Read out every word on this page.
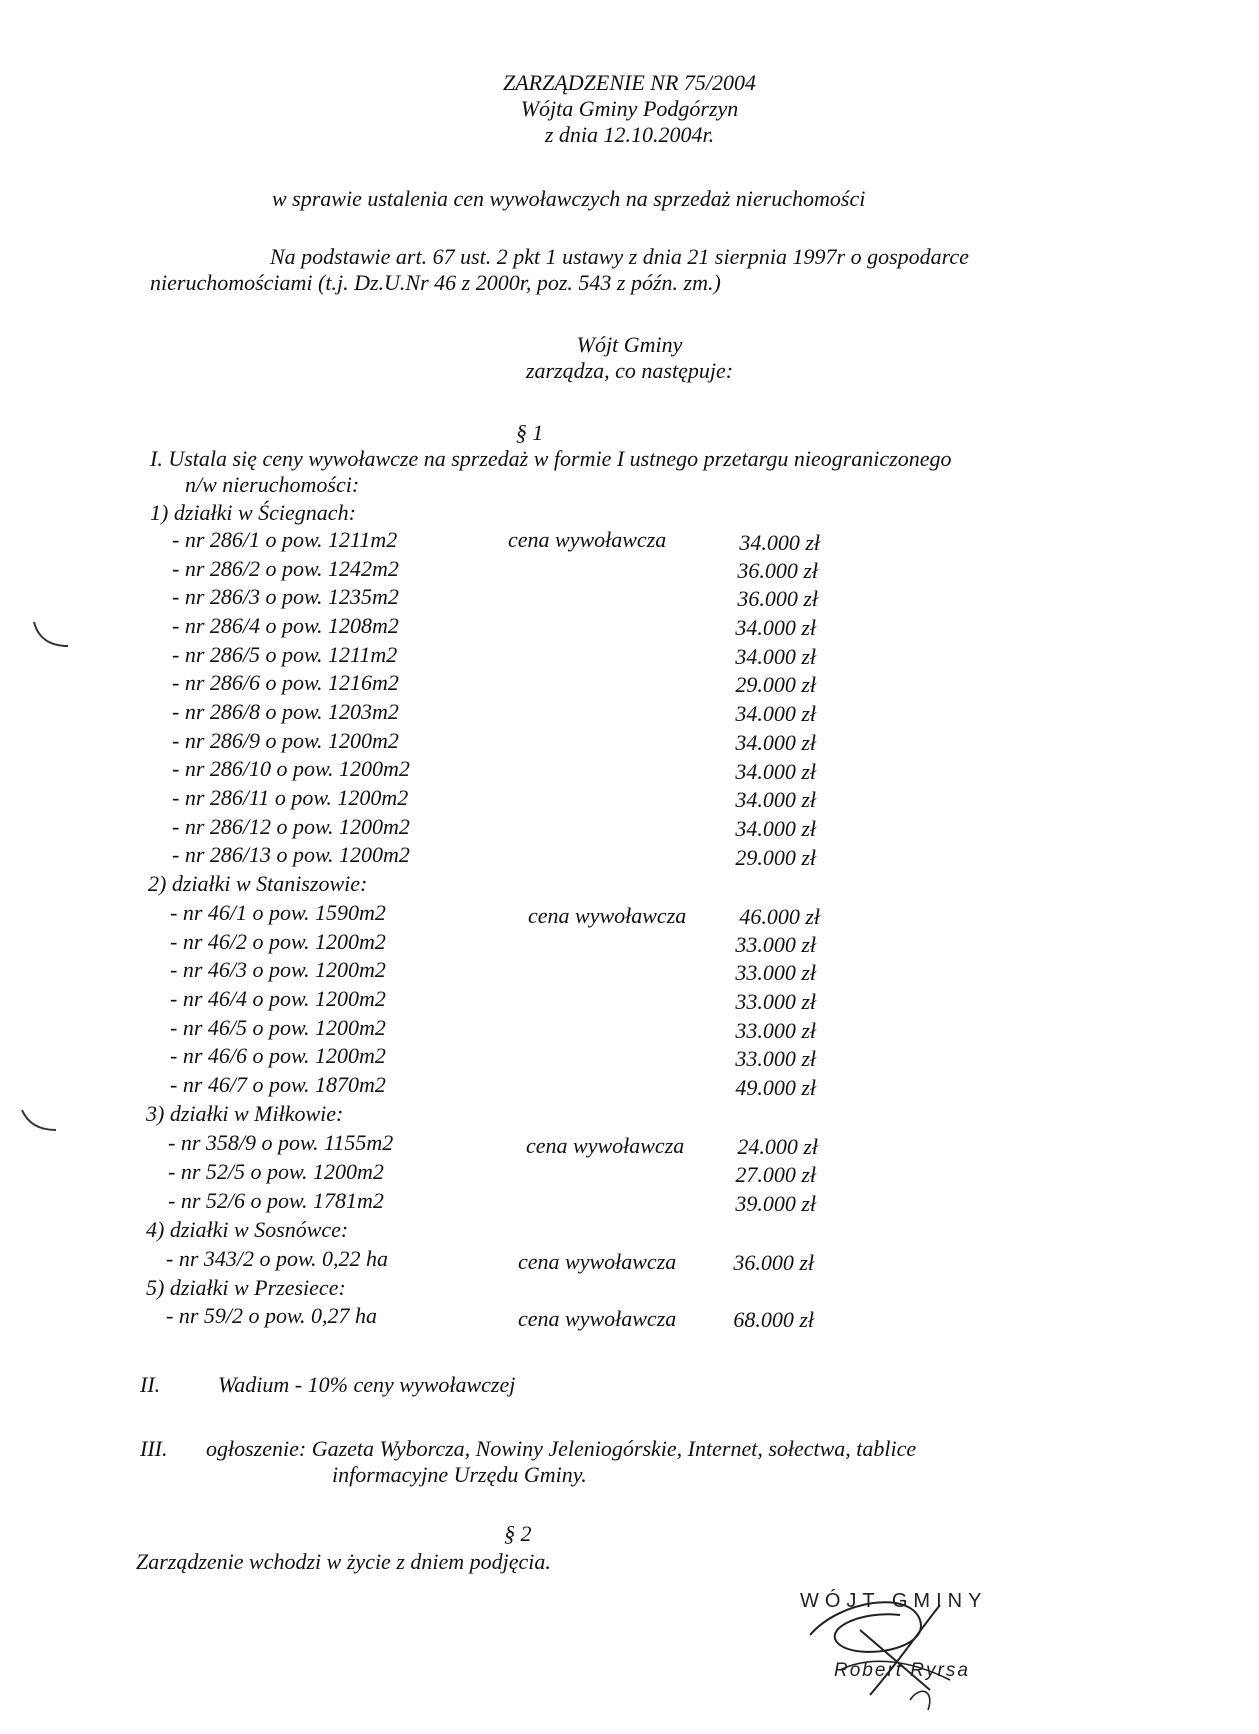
ZARZĄDZENIE NR 75/2004
Wójta Gminy Podgórzyn
z dnia 12.10.2004r.
w sprawie ustalenia cen wywoławczych na sprzedaż nieruchomości
Na podstawie art. 67 ust. 2 pkt 1 ustawy z dnia 21 sierpnia 1997r o gospodarce
nieruchomościami (t.j. Dz.U.Nr 46 z 2000r, poz. 543 z późn. zm.)
Wójt Gminy
zarządza, co następuje:
§ 1
I. Ustala się ceny wywoławcze na sprzedaż w formie I ustnego przetargu nieograniczonego
n/w nieruchomości:
1) działki w Ściegnach:
- nr 286/1 o pow. 1211m2	cena wywoławcza	34.000 zł
- nr 286/2 o pow. 1242m2	36.000 zł
- nr 286/3 o pow. 1235m2	36.000 zł
- nr 286/4 o pow. 1208m2	34.000 zł
- nr 286/5 o pow. 1211m2	34.000 zł
- nr 286/6 o pow. 1216m2	29.000 zł
- nr 286/8 o pow. 1203m2	34.000 zł
- nr 286/9 o pow. 1200m2	34.000 zł
- nr 286/10 o pow. 1200m2	34.000 zł
- nr 286/11 o pow. 1200m2	34.000 zł
- nr 286/12 o pow. 1200m2	34.000 zł
- nr 286/13 o pow. 1200m2	29.000 zł
2) działki w Staniszowie:
- nr 46/1 o pow. 1590m2	cena wywoławcza	46.000 zł
- nr 46/2 o pow. 1200m2	33.000 zł
- nr 46/3 o pow. 1200m2	33.000 zł
- nr 46/4 o pow. 1200m2	33.000 zł
- nr 46/5 o pow. 1200m2	33.000 zł
- nr 46/6 o pow. 1200m2	33.000 zł
- nr 46/7 o pow. 1870m2	49.000 zł
3) działki w Miłkowie:
- nr 358/9 o pow. 1155m2	cena wywoławcza	24.000 zł
- nr 52/5 o pow. 1200m2	27.000 zł
- nr 52/6 o pow. 1781m2	39.000 zł
4) działki w Sosnówce:
- nr 343/2 o pow. 0,22 ha	cena wywoławcza	36.000 zł
5) działki w Przesiece:
- nr 59/2 o pow. 0,27 ha	cena wywoławcza	68.000 zł
II.	Wadium - 10% ceny wywoławczej
III. ogłoszenie: Gazeta Wyborcza, Nowiny Jeleniogórskie, Internet, sołectwa, tablice
informacyjne Urzędu Gminy.
§ 2
Zarządzenie wchodzi w życie z dniem podjęcia.
WÓJT GMINY
Robert Ryrsa
